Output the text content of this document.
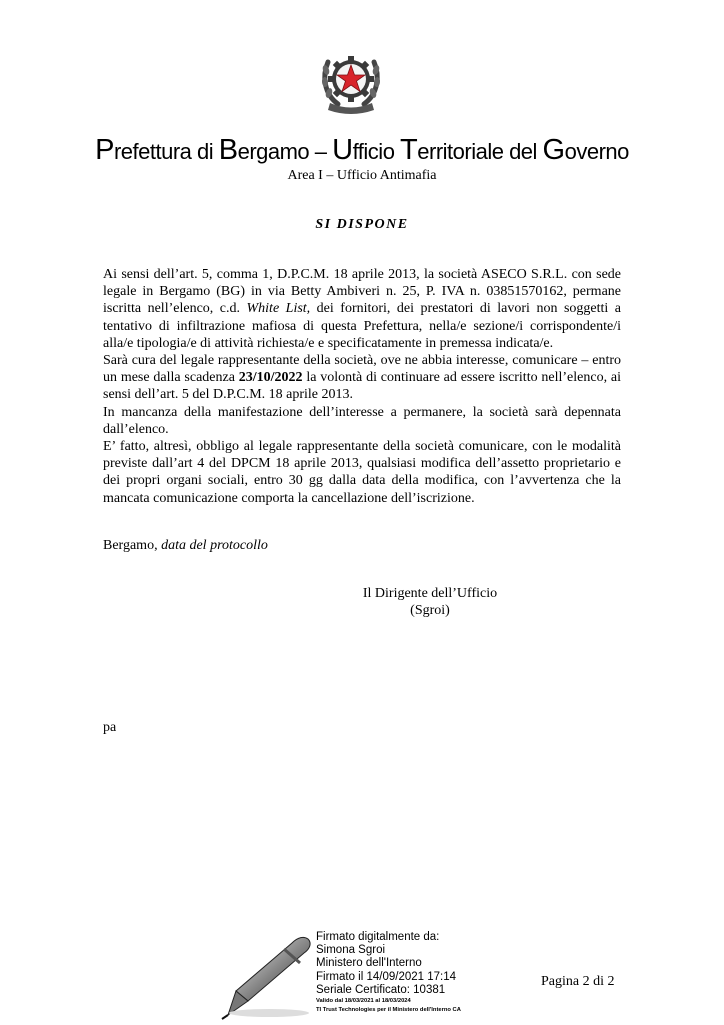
Prefettura di Bergamo – Ufficio Territoriale del Governo
Area I – Ufficio Antimafia
SI DISPONE

Ai sensi dell’art. 5, comma 1, D.P.C.M. 18 aprile 2013, la società ASECO S.R.L. con sede legale in Bergamo (BG) in via Betty Ambiveri n. 25, P. IVA n. 03851570162, permane iscritta nell’elenco, c.d. White List, dei fornitori, dei prestatori di lavori non soggetti a tentativo di infiltrazione mafiosa di questa Prefettura, nella/e sezione/i corrispondente/i alla/e tipologia/e di attività richiesta/e e specificatamente in premessa indicata/e.

Sarà cura del legale rappresentante della società, ove ne abbia interesse, comunicare – entro un mese dalla scadenza 23/10/2022 la volontà di continuare ad essere iscritto nell’elenco, ai sensi dell’art. 5 del D.P.C.M. 18 aprile 2013.

In mancanza della manifestazione dell’interesse a permanere, la società sarà depennata dall’elenco.

E’ fatto, altresì, obbligo al legale rappresentante della società comunicare, con le modalità previste dall’art 4 del DPCM 18 aprile 2013, qualsiasi modifica dell’assetto proprietario e dei propri organi sociali, entro 30 gg dalla data della modifica, con l’avvertenza che la mancata comunicazione comporta la cancellazione dell’iscrizione.

Bergamo, data del protocollo
Il Dirigente dell’Ufficio
(Sgroi)
pa
Firmato digitalmente da:
Simona Sgroi
Ministero dell'Interno
Firmato il 14/09/2021 17:14
Seriale Certificato: 10381
Valido dal 18/03/2021 al 18/03/2024
TI Trust Technologies per il Ministero dell'Interno CA
Pagina 2 di 2
